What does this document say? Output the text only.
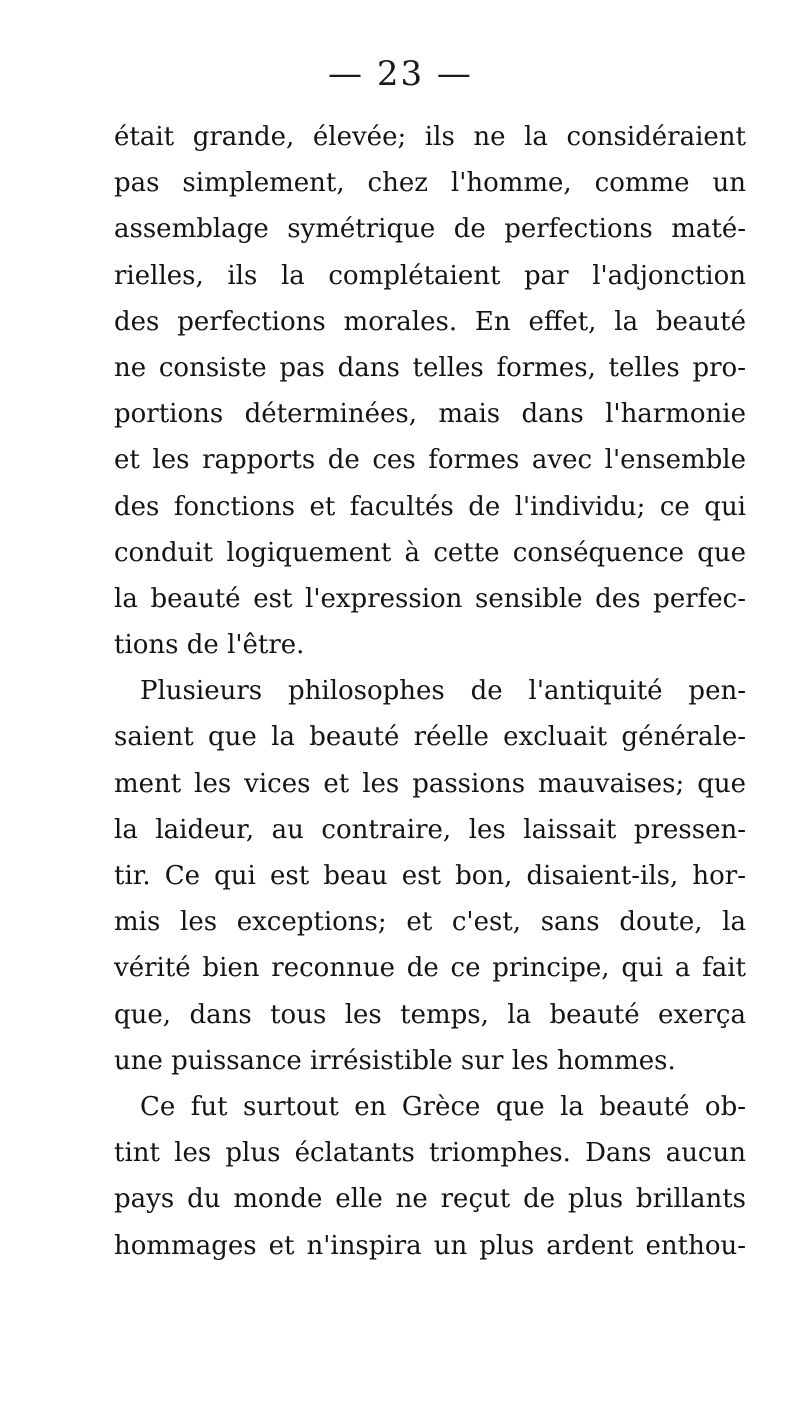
— 23 —
était grande, élevée; ils ne la considéraient
pas simplement, chez l'homme, comme un
assemblage symétrique de perfections maté-
rielles, ils la complétaient par l'adjonction
des perfections morales. En effet, la beauté
ne consiste pas dans telles formes, telles pro-
portions déterminées, mais dans l'harmonie
et les rapports de ces formes avec l'ensemble
des fonctions et facultés de l'individu; ce qui
conduit logiquement à cette conséquence que
la beauté est l'expression sensible des perfec-
tions de l'être.
Plusieurs philosophes de l'antiquité pen-
saient que la beauté réelle excluait générale-
ment les vices et les passions mauvaises; que
la laideur, au contraire, les laissait pressen-
tir. Ce qui est beau est bon, disaient-ils, hor-
mis les exceptions; et c'est, sans doute, la
vérité bien reconnue de ce principe, qui a fait
que, dans tous les temps, la beauté exerça
une puissance irrésistible sur les hommes.
Ce fut surtout en Grèce que la beauté ob-
tint les plus éclatants triomphes. Dans aucun
pays du monde elle ne reçut de plus brillants
hommages et n'inspira un plus ardent enthou-
